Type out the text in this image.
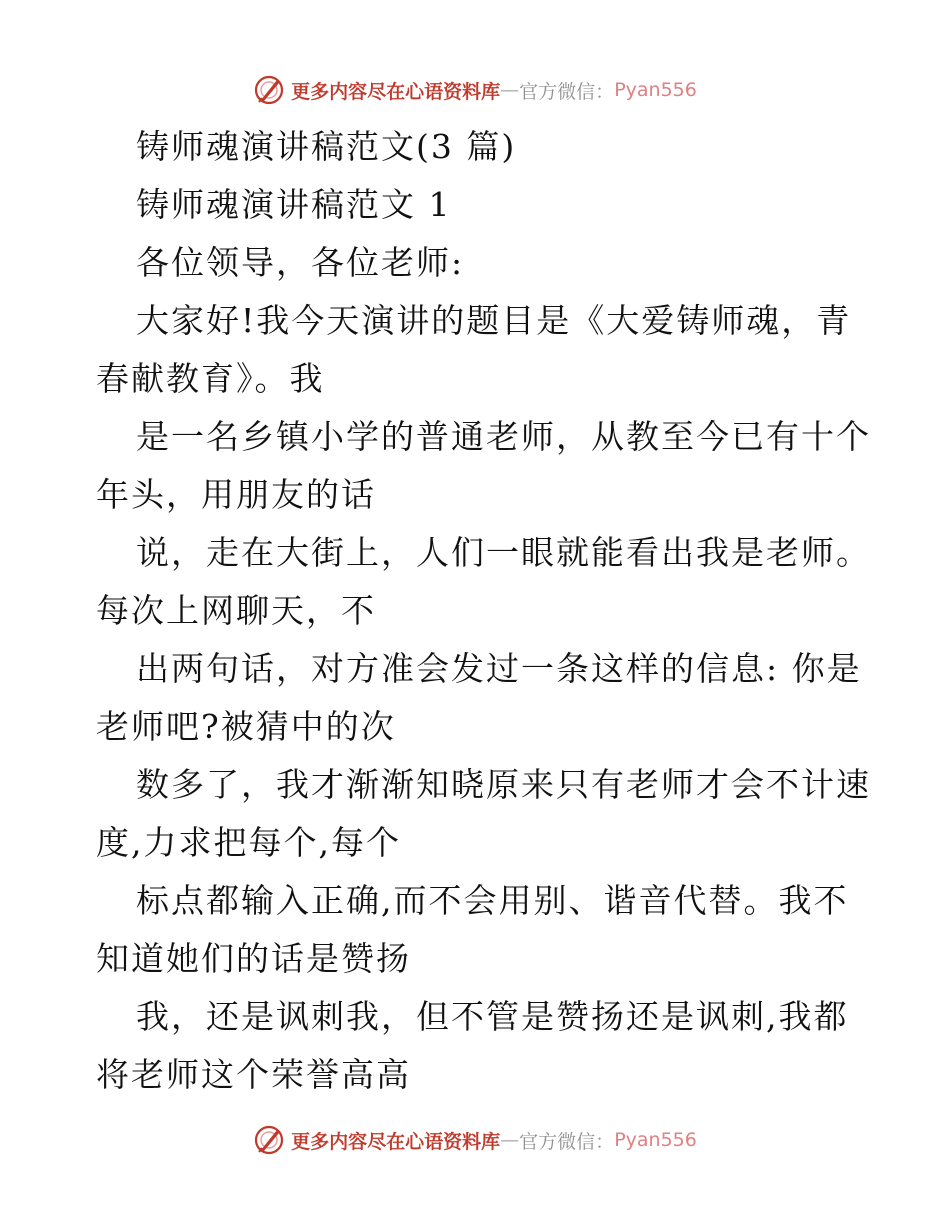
更多内容尽在心语资料库 — 官方微信： Pyan556
铸师魂演讲稿范文(3 篇)
铸师魂演讲稿范文 1
各位领导，各位老师:
大家好!我今天演讲的题目是《大爱铸师魂，青
春献教育》。我
是一名乡镇小学的普通老师，从教至今已有十个
年头，用朋友的话
说，走在大街上，人们一眼就能看出我是老师。
每次上网聊天，不
出两句话，对方准会发过一条这样的信息: 你是
老师吧?被猜中的次
数多了，我才渐渐知晓原来只有老师才会不计速
度,力求把每个,每个
标点都输入正确,而不会用别、谐音代替。我不
知道她们的话是赞扬
我，还是讽刺我，但不管是赞扬还是讽刺,我都
将老师这个荣誉高高
更多内容尽在心语资料库 — 官方微信： Pyan556
